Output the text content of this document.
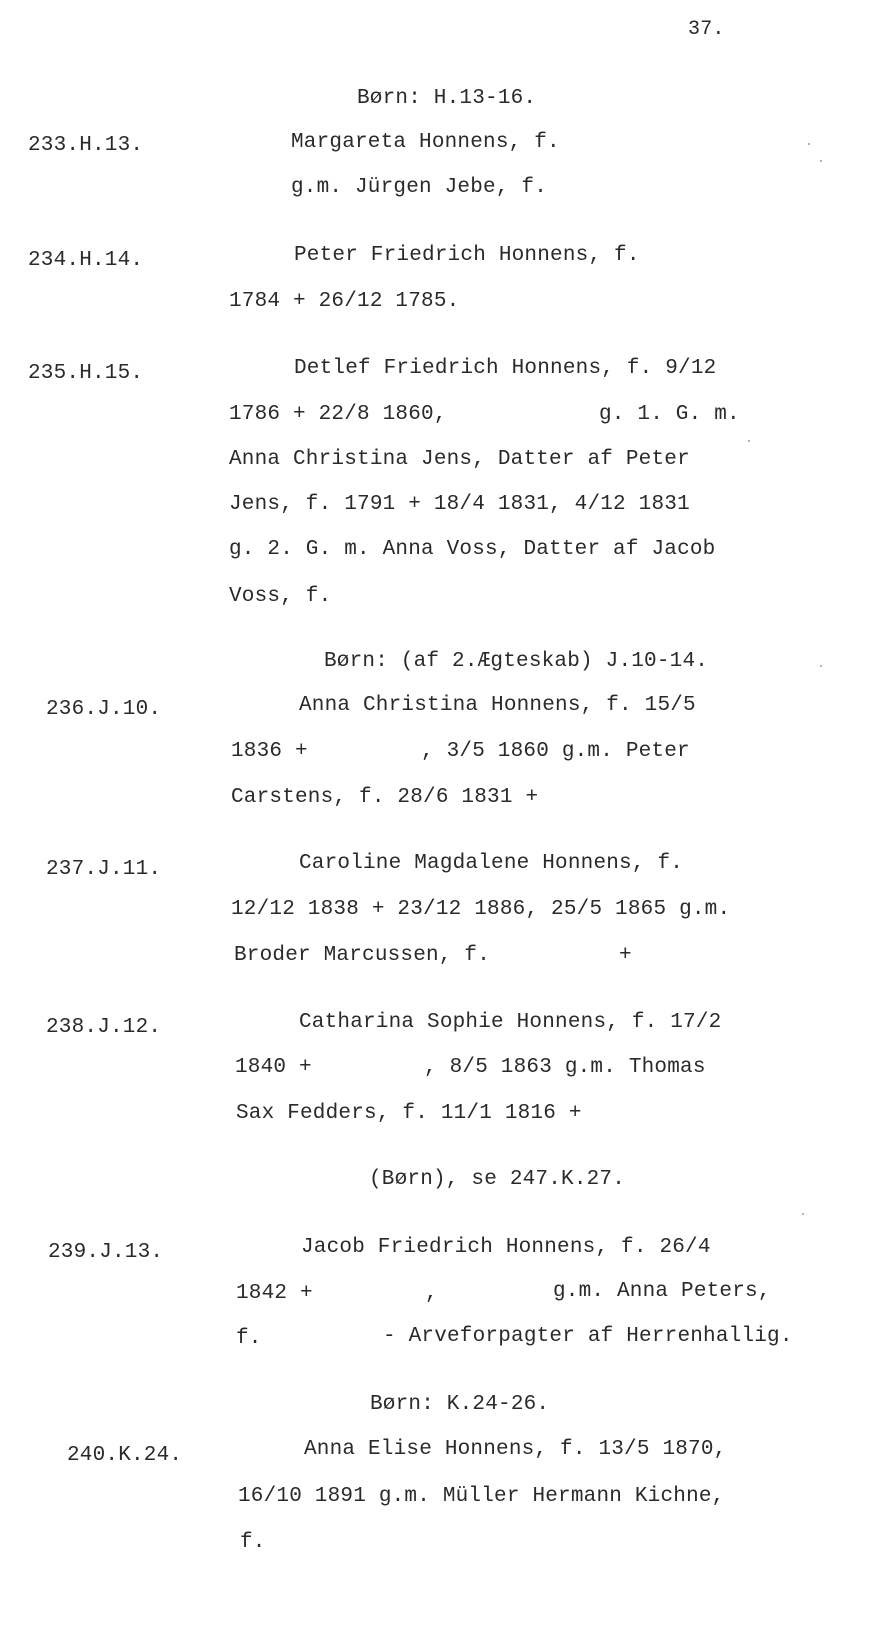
37.
Børn: H.13-16.
233.H.13.	Margareta Honnens, f.
g.m. Jürgen Jebe, f.
234.H.14.	Peter Friedrich Honnens, f.
1784 + 26/12 1785.
235.H.15.	Detlef Friedrich Honnens, f. 9/12
1786 + 22/8 1860,	g. 1. G. m.
Anna Christina Jens, Datter af Peter
Jens, f. 1791 + 18/4 1831, 4/12 1831
g. 2. G. m. Anna Voss, Datter af Jacob
Voss, f.
Børn: (af 2.Ægteskab) J.10-14.
236.J.10.	Anna Christina Honnens, f. 15/5
1836 +	, 3/5 1860 g.m. Peter
Carstens, f. 28/6 1831 +
237.J.11.	Caroline Magdalene Honnens, f.
12/12 1838 + 23/12 1886, 25/5 1865 g.m.
Broder Marcussen, f.	+
238.J.12.	Catharina Sophie Honnens, f. 17/2
1840 +	, 8/5 1863 g.m. Thomas
Sax Fedders, f. 11/1 1816 +
(Børn), se 247.K.27.
239.J.13.	Jacob Friedrich Honnens, f. 26/4
1842 +	,	g.m. Anna Peters,
f.	- Arveforpagter af Herrenhallig.
Børn: K.24-26.
240.K.24.	Anna Elise Honnens, f. 13/5 1870,
16/10 1891 g.m. Müller Hermann Kichne,
f.
